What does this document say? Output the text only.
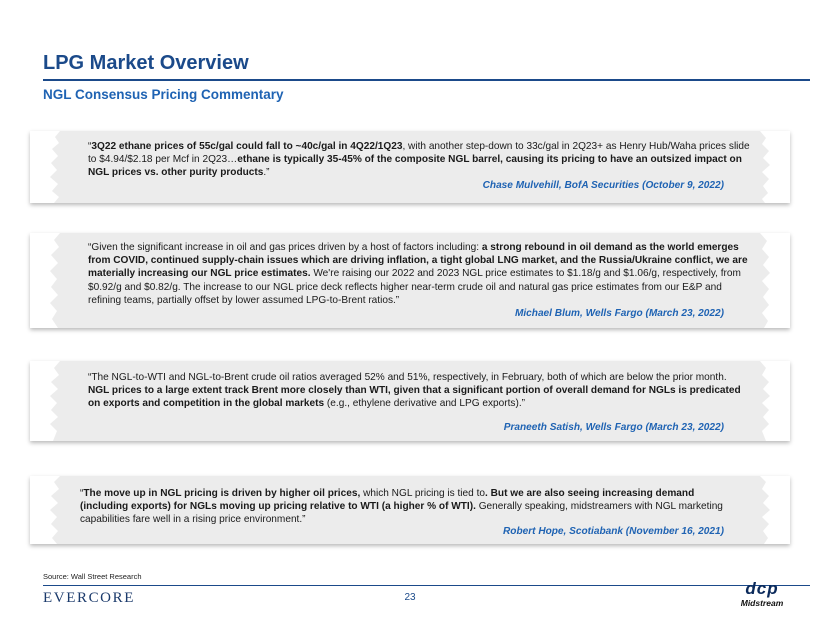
LPG Market Overview
NGL Consensus Pricing Commentary
“3Q22 ethane prices of 55c/gal could fall to ~40c/gal in 4Q22/1Q23, with another step-down to 33c/gal in 2Q23+ as Henry Hub/Waha prices slide to $4.94/$2.18 per Mcf in 2Q23…ethane is typically 35-45% of the composite NGL barrel, causing its pricing to have an outsized impact on NGL prices vs. other purity products.”
Chase Mulvehill, BofA Securities (October 9, 2022)
“Given the significant increase in oil and gas prices driven by a host of factors including: a strong rebound in oil demand as the world emerges from COVID, continued supply-chain issues which are driving inflation, a tight global LNG market, and the Russia/Ukraine conflict, we are materially increasing our NGL price estimates. We're raising our 2022 and 2023 NGL price estimates to $1.18/g and $1.06/g, respectively, from $0.92/g and $0.82/g. The increase to our NGL price deck reflects higher near-term crude oil and natural gas price estimates from our E&P and refining teams, partially offset by lower assumed LPG-to-Brent ratios.”
Michael Blum, Wells Fargo (March 23, 2022)
“The NGL-to-WTI and NGL-to-Brent crude oil ratios averaged 52% and 51%, respectively, in February, both of which are below the prior month. NGL prices to a large extent track Brent more closely than WTI, given that a significant portion of overall demand for NGLs is predicated on exports and competition in the global markets (e.g., ethylene derivative and LPG exports).”
Praneeth Satish, Wells Fargo (March 23, 2022)
“The move up in NGL pricing is driven by higher oil prices, which NGL pricing is tied to. But we are also seeing increasing demand (including exports) for NGLs moving up pricing relative to WTI (a higher % of WTI). Generally speaking, midstreamers with NGL marketing capabilities fare well in a rising price environment.”
Robert Hope, Scotiabank (November 16, 2021)
Source: Wall Street Research
EVERCORE	23	dcp
Midstream
